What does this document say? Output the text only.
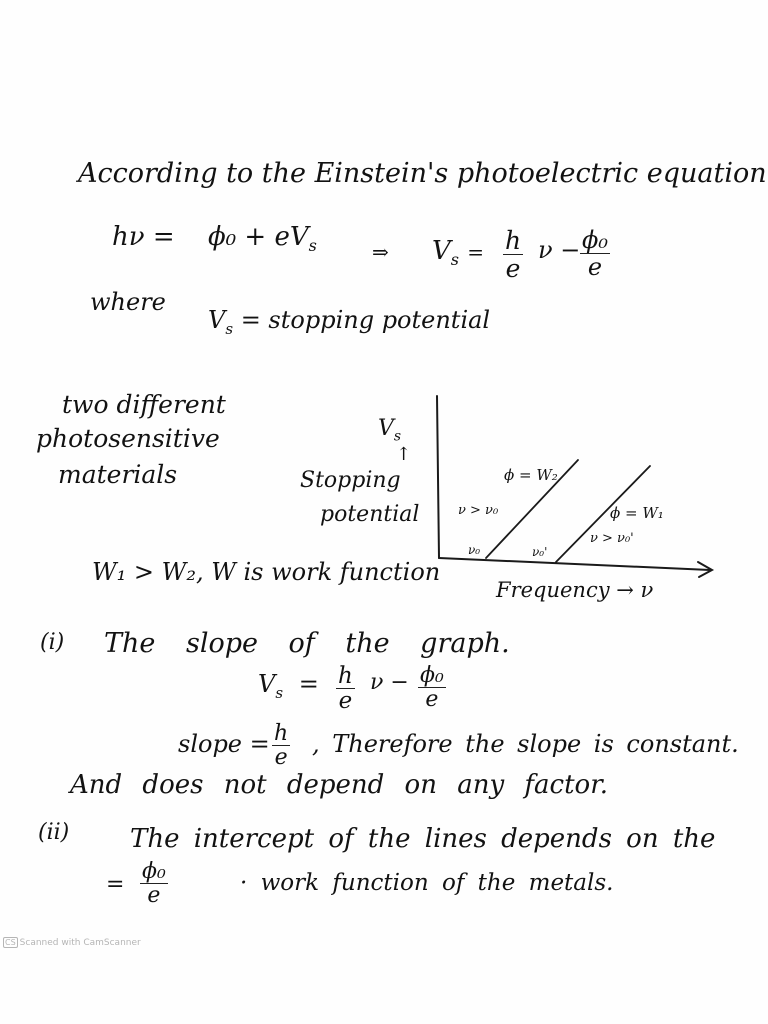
According to the Einstein's photoelectric equation
$h\nu = \phi_0 + eV_s$	⇒ $V_s = \frac{h}{e}$ $\nu - \frac{\text{ϕ₀}}{e}$
where
$V_s$ = stopping potential
two different
photosensitive
materials
$V_s$
↑
Stopping
potential
ϕ = W₂
ϕ = W₁
ν > ν₀
ν > ν₀'
ν₀	ν₀'
Frequency → ν
W₁ > W₂, W is work function
(i) The slope of the graph.
$V_s = \frac{h}{e}$ $\nu - \frac{\text{ϕ₀}}{e}$
slope = $\frac{h}{e}$ , Therefore the slope is constant.
And does not depend on any factor.
(ii) The intercept of the lines depends on the
= $\frac{\text{ϕ₀}}{e}$	· work function of the metals.
CS Scanned with CamScanner
